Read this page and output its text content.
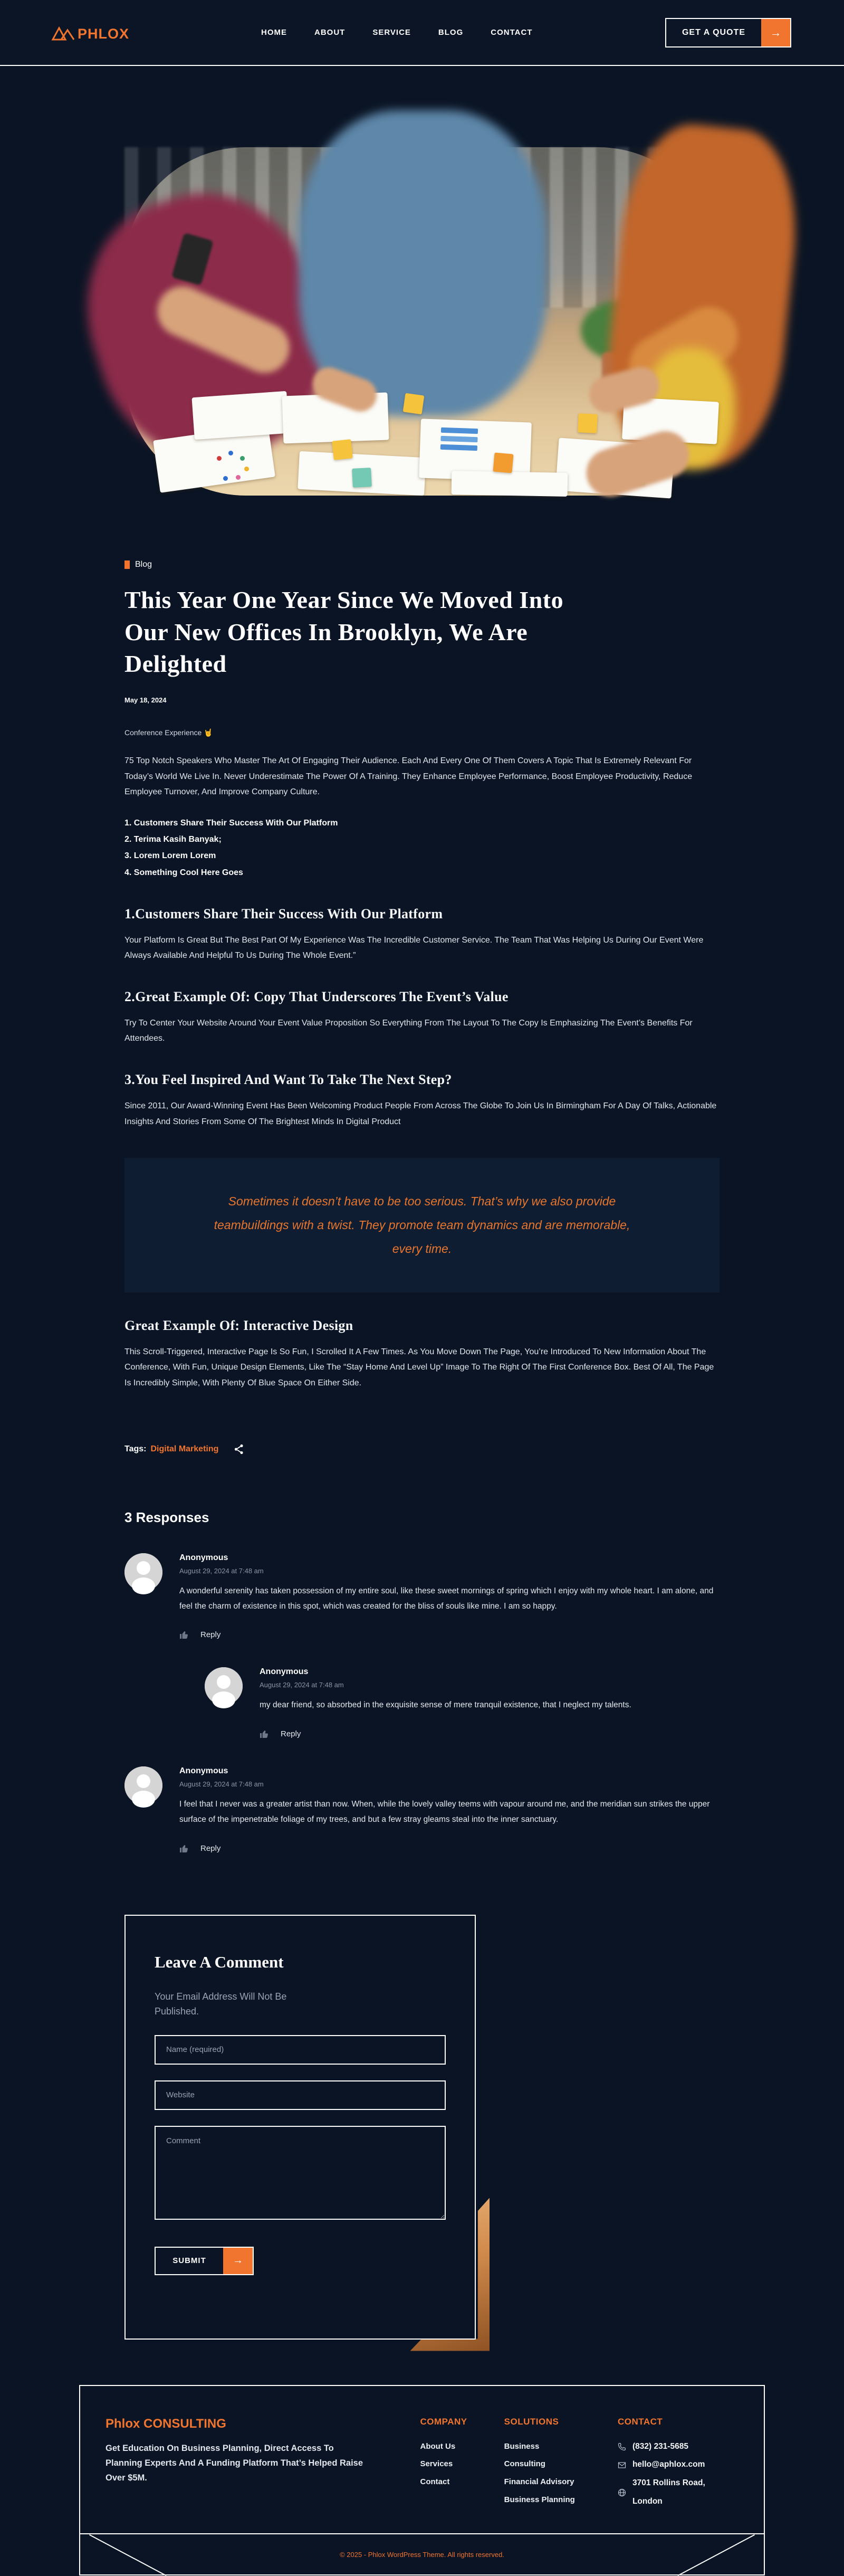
PHLOX	HOME	ABOUT	SERVICE	BLOG	CONTACT	GET A QUOTE	→
Blog
This Year One Year Since We Moved Into
Our New Offices In Brooklyn, We Are
Delighted
May 18, 2024
Conference Experience 🤘

75 Top Notch Speakers Who Master The Art Of Engaging Their Audience. Each And Every One Of Them Covers A Topic That Is Extremely Relevant For Today’s World We Live In. Never Underestimate The Power Of A Training. They Enhance Employee Performance, Boost Employee Productivity, Reduce Employee Turnover, And Improve Company Culture.

1. Customers Share Their Success With Our Platform
2. Terima Kasih Banyak;
3. Lorem Lorem Lorem
4. Something Cool Here Goes
1.Customers Share Their Success With Our Platform

Your Platform Is Great But The Best Part Of My Experience Was The Incredible Customer Service. The Team That Was Helping Us During Our Event Were Always Available And Helpful To Us During The Whole Event.”

2.Great Example Of: Copy That Underscores The Event’s Value

Try To Center Your Website Around Your Event Value Proposition So Everything From The Layout To The Copy Is Emphasizing The Event’s Benefits For Attendees.

3.You Feel Inspired And Want To Take The Next Step?

Since 2011, Our Award-Winning Event Has Been Welcoming Product People From Across The Globe To Join Us In Birmingham For A Day Of Talks, Actionable Insights And Stories From Some Of The Brightest Minds In Digital Product

Sometimes it doesn’t have to be too serious. That’s why we also provide teambuildings with a twist. They promote team dynamics and are memorable, every time.

Great Example Of: Interactive Design

This Scroll-Triggered, Interactive Page Is So Fun, I Scrolled It A Few Times. As You Move Down The Page, You’re Introduced To New Information About The Conference, With Fun, Unique Design Elements, Like The “Stay Home And Level Up” Image To The Right Of The First Conference Box. Best Of All, The Page Is Incredibly Simple, With Plenty Of Blue Space On Either Side.

Tags: Digital Marketing
3 Responses
Anonymous
August 29, 2024 at 7:48 am
A wonderful serenity has taken possession of my entire soul, like these sweet mornings of spring which I enjoy with my whole heart. I am alone, and feel the charm of existence in this spot, which was created for the bliss of souls like mine. I am so happy.
Reply
Anonymous
August 29, 2024 at 7:48 am
my dear friend, so absorbed in the exquisite sense of mere tranquil existence, that I neglect my talents.
Reply
Anonymous
August 29, 2024 at 7:48 am
I feel that I never was a greater artist than now. When, while the lovely valley teems with vapour around me, and the meridian sun strikes the upper surface of the impenetrable foliage of my trees, and but a few stray gleams steal into the inner sanctuary.
Reply
Leave A Comment

Your Email Address Will Not Be Published.

Name (required) Website Comment
SUBMIT	→
Phlox CONSULTING

Get Education On Business Planning, Direct Access To Planning Experts And A Funding Platform That’s Helped Raise Over $5M.

COMPANY
About Us
Services
Contact
SOLUTIONS
Business Consulting
Financial Advisory
Business Planning
CONTACT
(832) 231-5685
hello@aphlox.com
3701 Rollins Road, London
© 2025 - Phlox WordPress Theme. All rights reserved.
